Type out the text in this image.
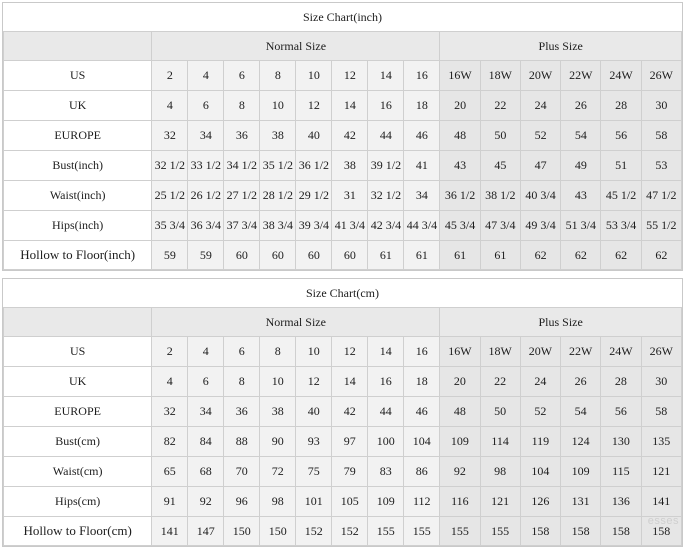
Size Chart(inch)														
	Normal Size								Plus Size					
US	2	4	6	8	10	12	14	16	16W	18W	20W	22W	24W	26W
UK	4	6	8	10	12	14	16	18	20	22	24	26	28	30
EUROPE	32	34	36	38	40	42	44	46	48	50	52	54	56	58
Bust(inch)	32 1/2	33 1/2	34 1/2	35 1/2	36 1/2	38	39 1/2	41	43	45	47	49	51	53
Waist(inch)	25 1/2	26 1/2	27 1/2	28 1/2	29 1/2	31	32 1/2	34	36 1/2	38 1/2	40 3/4	43	45 1/2	47 1/2
Hips(inch)	35 3/4	36 3/4	37 3/4	38 3/4	39 3/4	41 3/4	42 3/4	44 3/4	45 3/4	47 3/4	49 3/4	51 3/4	53 3/4	55 1/2
Hollow to Floor(inch)	59	59	60	60	60	60	61	61	61	61	62	62	62	62
Size Chart(cm)														
	Normal Size								Plus Size					
US	2	4	6	8	10	12	14	16	16W	18W	20W	22W	24W	26W
UK	4	6	8	10	12	14	16	18	20	22	24	26	28	30
EUROPE	32	34	36	38	40	42	44	46	48	50	52	54	56	58
Bust(cm)	82	84	88	90	93	97	100	104	109	114	119	124	130	135
Waist(cm)	65	68	70	72	75	79	83	86	92	98	104	109	115	121
Hips(cm)	91	92	96	98	101	105	109	112	116	121	126	131	136	141
Hollow to Floor(cm)	141	147	150	150	152	152	155	155	155	155	158	158	158	158
esses
